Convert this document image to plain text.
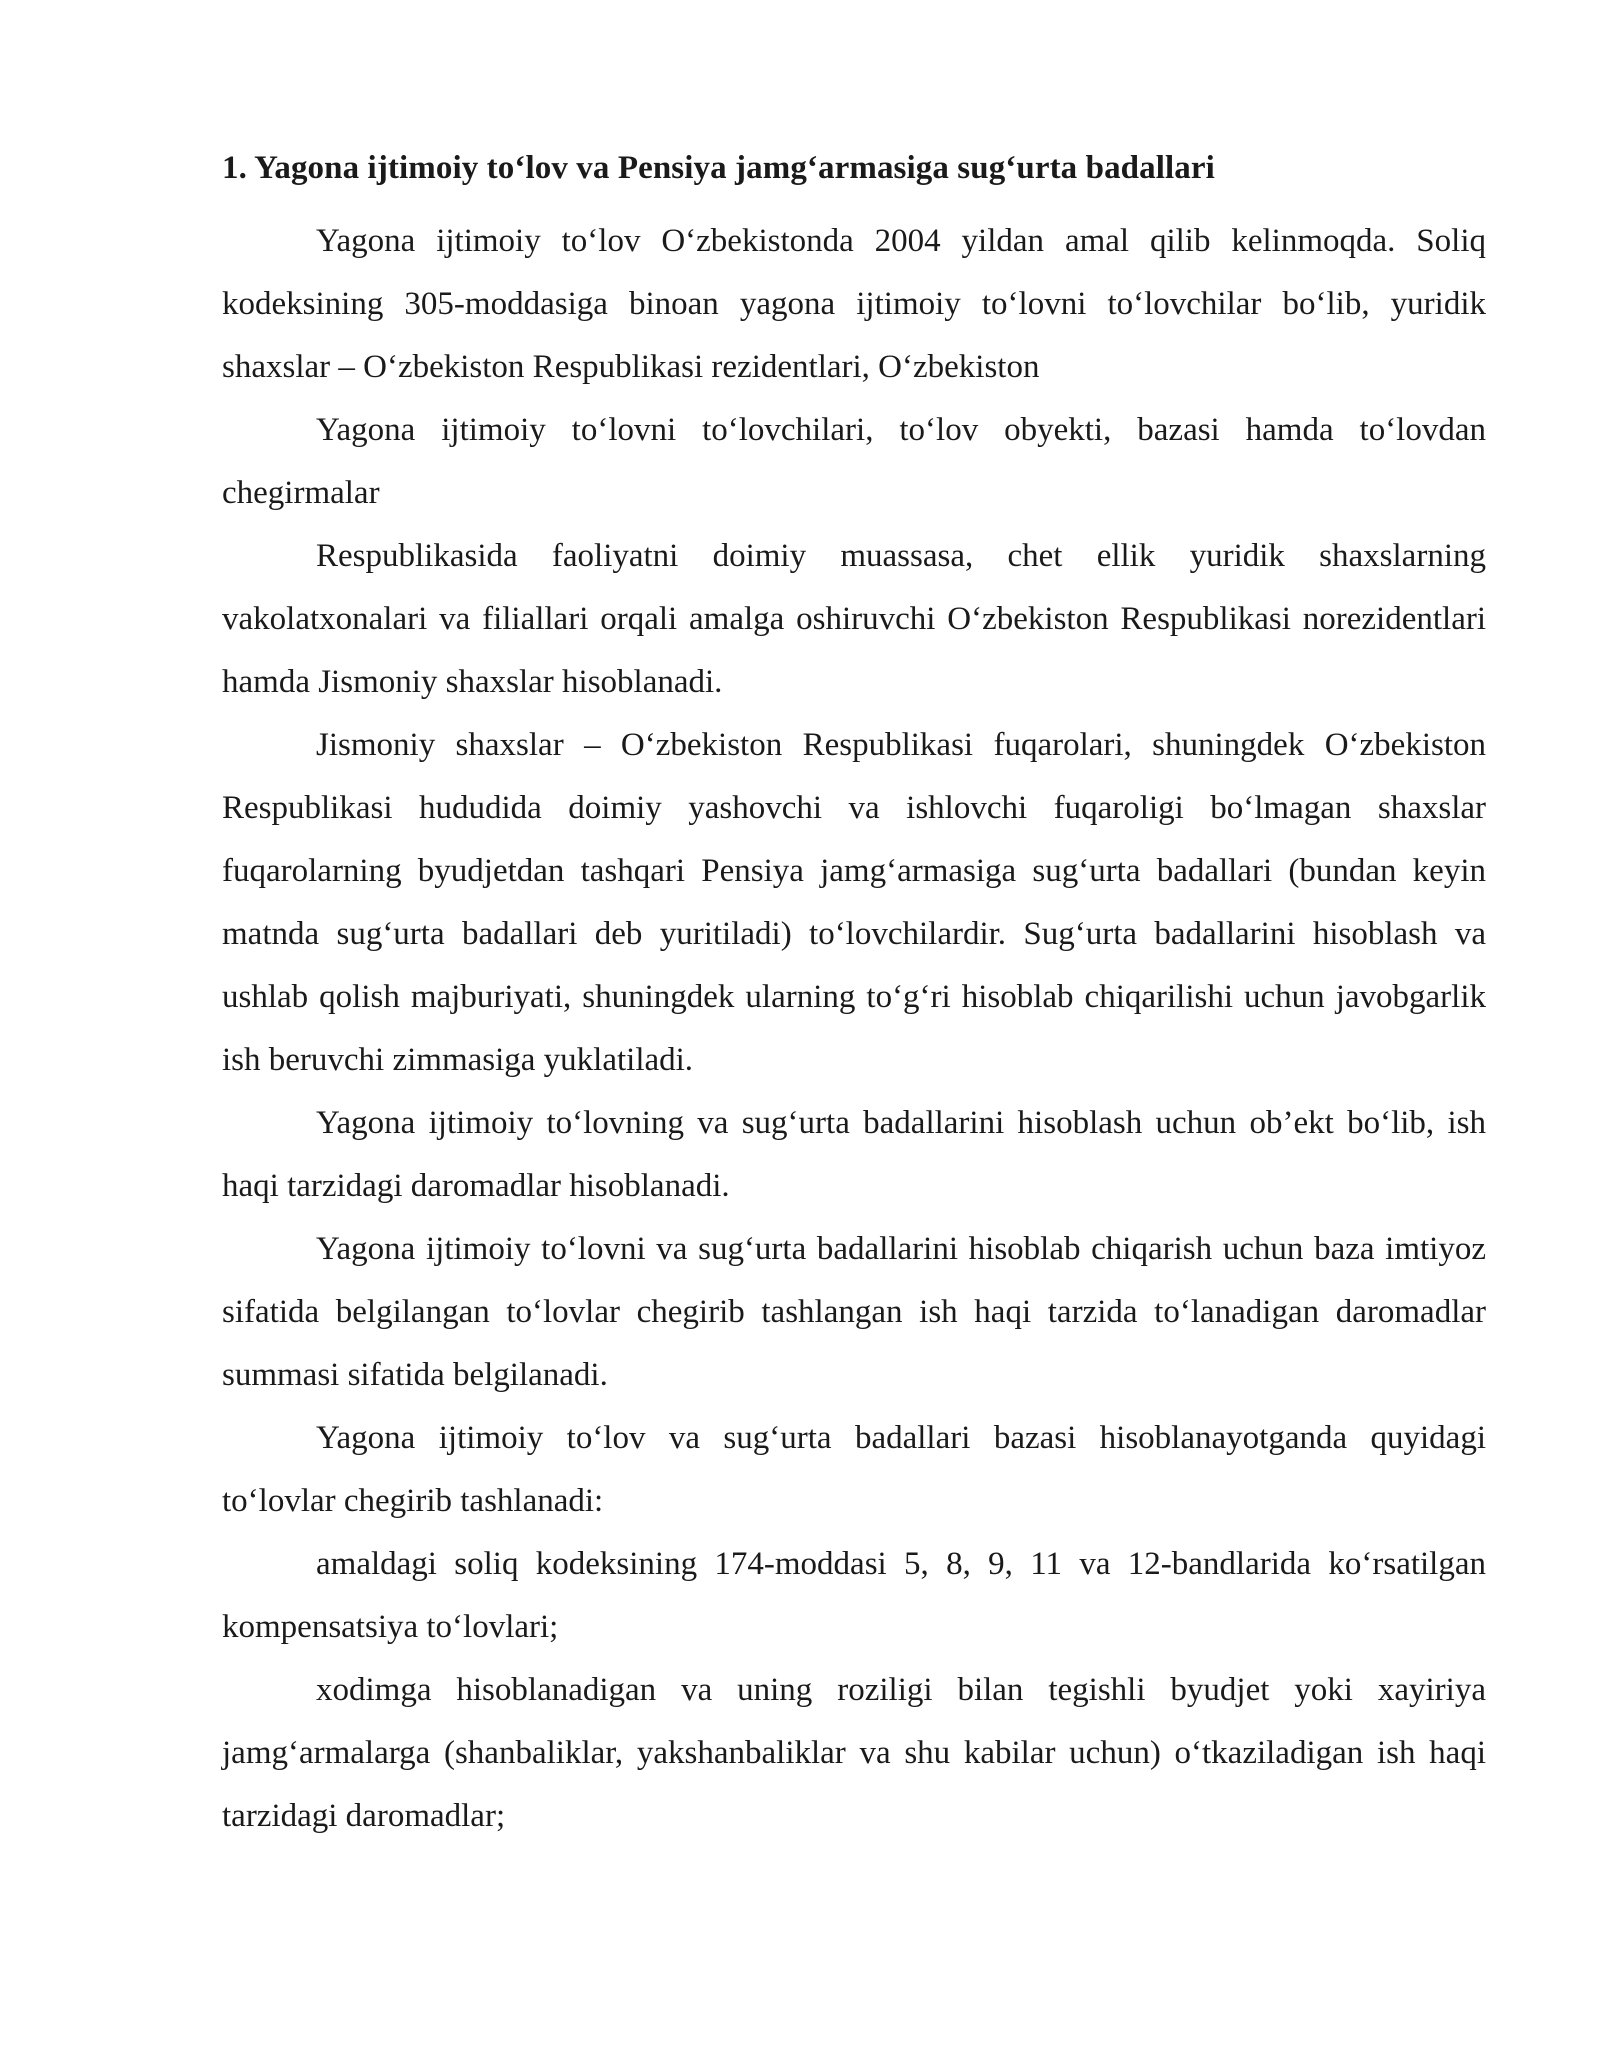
1. Yagona ijtimoiy to‘lov va Pensiya jamg‘armasiga sug‘urta badallari

Yagona ijtimoiy to‘lov O‘zbekistonda 2004 yildan amal qilib kelinmoqda. Soliq kodeksining 305-moddasiga binoan yagona ijtimoiy to‘lovni to‘lovchilar bo‘lib, yuridik shaxslar – O‘zbekiston Respublikasi rezidentlari, O‘zbekiston

Yagona ijtimoiy to‘lovni to‘lovchilari, to‘lov obyekti, bazasi hamda to‘lovdan chegirmalar

Respublikasida faoliyatni doimiy muassasa, chet ellik yuridik shaxslarning vakolatxonalari va filiallari orqali amalga oshiruvchi O‘zbekiston Respublikasi norezidentlari hamda Jismoniy shaxslar hisoblanadi.

Jismoniy shaxslar – O‘zbekiston Respublikasi fuqarolari, shuningdek O‘zbekiston Respublikasi hududida doimiy yashovchi va ishlovchi fuqaroligi bo‘lmagan shaxslar fuqarolarning byudjetdan tashqari Pensiya jamg‘armasiga sug‘urta badallari (bundan keyin matnda sug‘urta badallari deb yuritiladi) to‘lovchilardir. Sug‘urta badallarini hisoblash va ushlab qolish majburiyati, shuningdek ularning to‘g‘ri hisoblab chiqarilishi uchun javobgarlik ish beruvchi zimmasiga yuklatiladi.

Yagona ijtimoiy to‘lovning va sug‘urta badallarini hisoblash uchun ob’ekt bo‘lib, ish haqi tarzidagi daromadlar hisoblanadi.

Yagona ijtimoiy to‘lovni va sug‘urta badallarini hisoblab chiqarish uchun baza imtiyoz sifatida belgilangan to‘lovlar chegirib tashlangan ish haqi tarzida to‘lanadigan daromadlar summasi sifatida belgilanadi.

Yagona ijtimoiy to‘lov va sug‘urta badallari bazasi hisoblanayotganda quyidagi to‘lovlar chegirib tashlanadi:

amaldagi soliq kodeksining 174-moddasi 5, 8, 9, 11 va 12-bandlarida ko‘rsatilgan kompensatsiya to‘lovlari;

xodimga hisoblanadigan va uning roziligi bilan tegishli byudjet yoki xayiriya jamg‘armalarga (shanbaliklar, yakshanbaliklar va shu kabilar uchun) o‘tkaziladigan ish haqi tarzidagi daromadlar;
